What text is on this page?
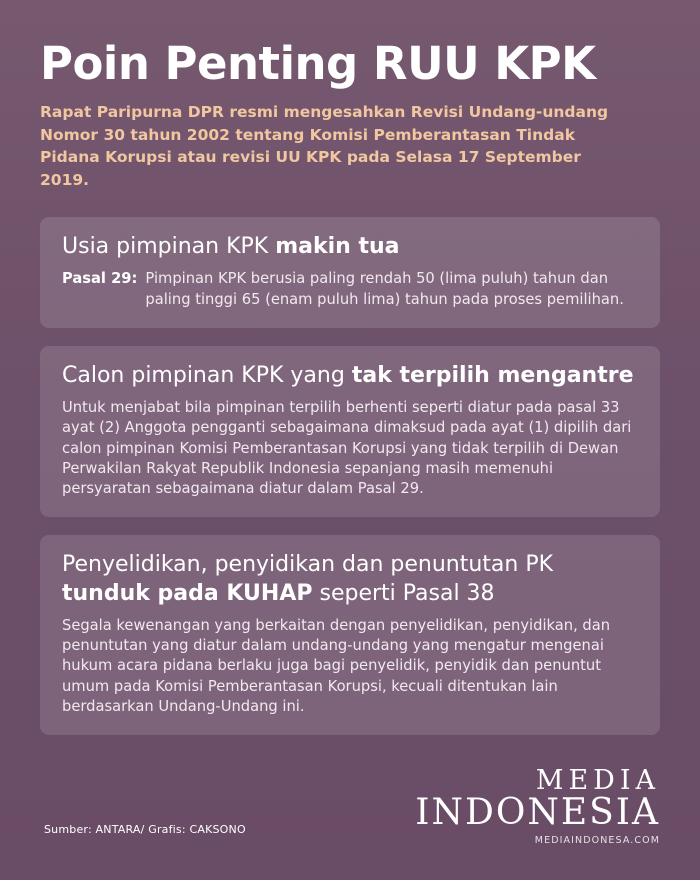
Poin Penting RUU KPK

Rapat Paripurna DPR resmi mengesahkan Revisi Undang-undang Nomor 30 tahun 2002 tentang Komisi Pemberantasan Tindak Pidana Korupsi atau revisi UU KPK pada Selasa 17 September 2019.

Usia pimpinan KPK makin tua
Pasal 29: Pimpinan KPK berusia paling rendah 50 (lima puluh) tahun dan paling tinggi 65 (enam puluh lima) tahun pada proses pemilihan.

Calon pimpinan KPK yang tak terpilih mengantre

Untuk menjabat bila pimpinan terpilih berhenti seperti diatur pada pasal 33 ayat (2) Anggota pengganti sebagaimana dimaksud pada ayat (1) dipilih dari calon pimpinan Komisi Pemberantasan Korupsi yang tidak terpilih di Dewan Perwakilan Rakyat Republik Indonesia sepanjang masih memenuhi persyaratan sebagaimana diatur dalam Pasal 29.

Penyelidikan, penyidikan dan penuntutan PK tunduk pada KUHAP seperti Pasal 38

Segala kewenangan yang berkaitan dengan penyelidikan, penyidikan, dan penuntutan yang diatur dalam undang-undang yang mengatur mengenai hukum acara pidana berlaku juga bagi penyelidik, penyidik dan penuntut umum pada Komisi Pemberantasan Korupsi, kecuali ditentukan lain berdasarkan Undang-Undang ini.

Sumber: ANTARA/ Grafis: CAKSONO
MEDIA
INDONESIA
MEDIAINDONESA.COM
